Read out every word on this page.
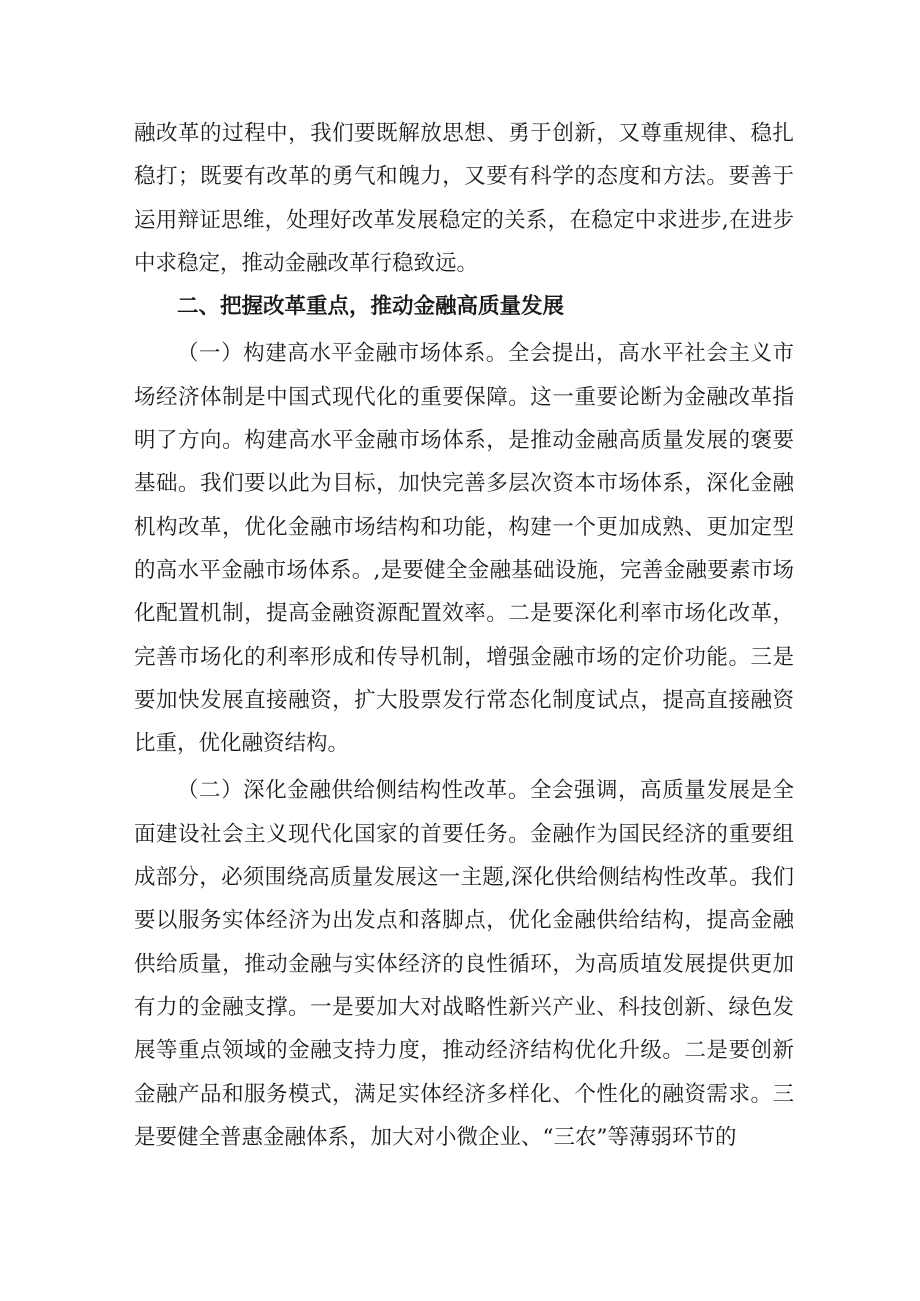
融改革的过程中，我们要既解放思想、勇于创新，又尊重规律、稳扎稳打；既要有改革的勇气和魄力，又要有科学的态度和方法。要善于运用辩证思维，处理好改革发展稳定的关系，在稳定中求进步,在进步中求稳定，推动金融改革行稳致远。

二、把握改革重点，推动金融高质量发展

（一）构建高水平金融市场体系。全会提出，高水平社会主义市场经济体制是中国式现代化的重要保障。这一重要论断为金融改革指明了方向。构建高水平金融市场体系，是推动金融高质量发展的褒要基础。我们要以此为目标，加快完善多层次资本市场体系，深化金融机构改革，优化金融市场结构和功能，构建一个更加成熟、更加定型的高水平金融市场体系。,是要健全金融基础设施，完善金融要素市场化配置机制，提高金融资源配置效率。二是要深化利率市场化改革，完善市场化的利率形成和传导机制，增强金融市场的定价功能。三是要加快发展直接融资，扩大股票发行常态化制度试点，提高直接融资比重，优化融资结构。

（二）深化金融供给侧结构性改革。全会强调，高质量发展是全面建设社会主义现代化国家的首要任务。金融作为国民经济的重要组成部分，必须围绕高质量发展这一主题,深化供给侧结构性改革。我们要以服务实体经济为出发点和落脚点，优化金融供给结构，提高金融供给质量，推动金融与实体经济的良性循环，为高质埴发展提供更加有力的金融支撑。一是要加大对战略性新兴产业、科技创新、绿色发展等重点领域的金融支持力度，推动经济结构优化升级。二是要创新金融产品和服务模式，满足实体经济多样化、个性化的融资需求。三是要健全普惠金融体系，加大对小微企业、“三农”等薄弱环节的
